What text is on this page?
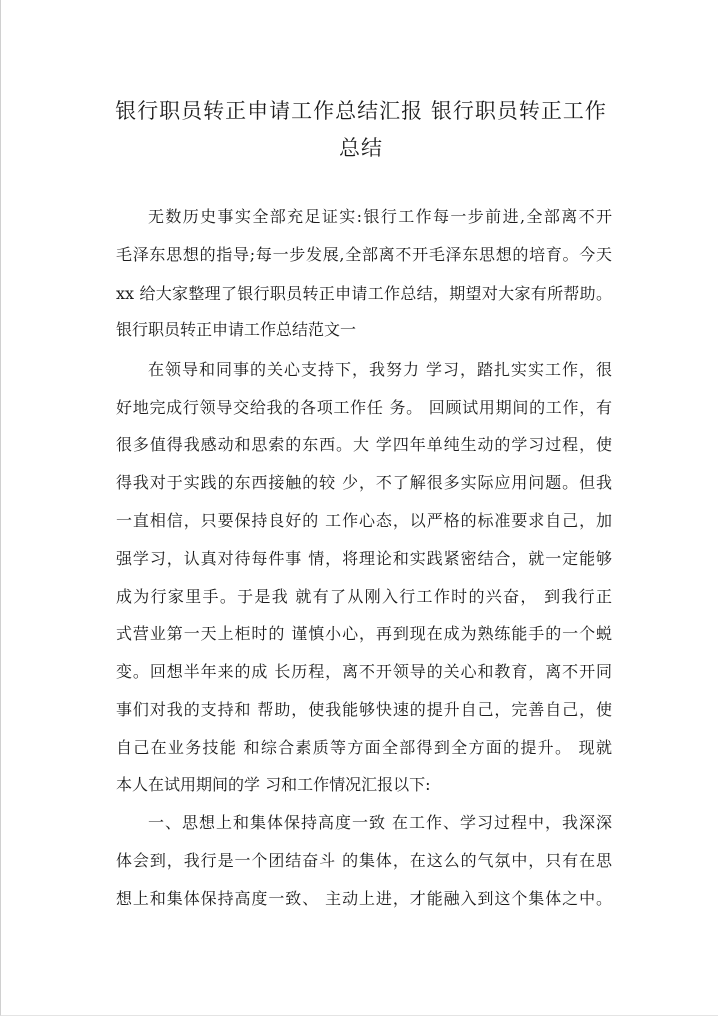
银行职员转正申请工作总结汇报 银行职员转正工作
总结
无数历史事实全部充足证实:银行工作每一步前进,全部离不开
毛泽东思想的指导;每一步发展,全部离不开毛泽东思想的培育。今天
xx 给大家整理了银行职员转正申请工作总结，期望对大家有所帮助。
银行职员转正申请工作总结范文一
在领导和同事的关心支持下，我努力 学习，踏扎实实工作，很
好地完成行领导交给我的各项工作任 务。 回顾试用期间的工作，有
很多值得我感动和思索的东西。大 学四年单纯生动的学习过程，使
得我对于实践的东西接触的较 少，不了解很多实际应用问题。但我
一直相信，只要保持良好的 工作心态，以严格的标准要求自己，加
强学习，认真对待每件事 情，将理论和实践紧密结合，就一定能够
成为行家里手。于是我 就有了从刚入行工作时的兴奋， 到我行正
式营业第一天上柜时的 谨慎小心，再到现在成为熟练能手的一个蜕
变。回想半年来的成 长历程，离不开领导的关心和教育，离不开同
事们对我的支持和 帮助，使我能够快速的提升自己，完善自己，使
自己在业务技能 和综合素质等方面全部得到全方面的提升。 现就
本人在试用期间的学 习和工作情况汇报以下:
一、思想上和集体保持高度一致 在工作、学习过程中，我深深
体会到，我行是一个团结奋斗 的集体，在这么的气氛中，只有在思
想上和集体保持高度一致、 主动上进，才能融入到这个集体之中。
